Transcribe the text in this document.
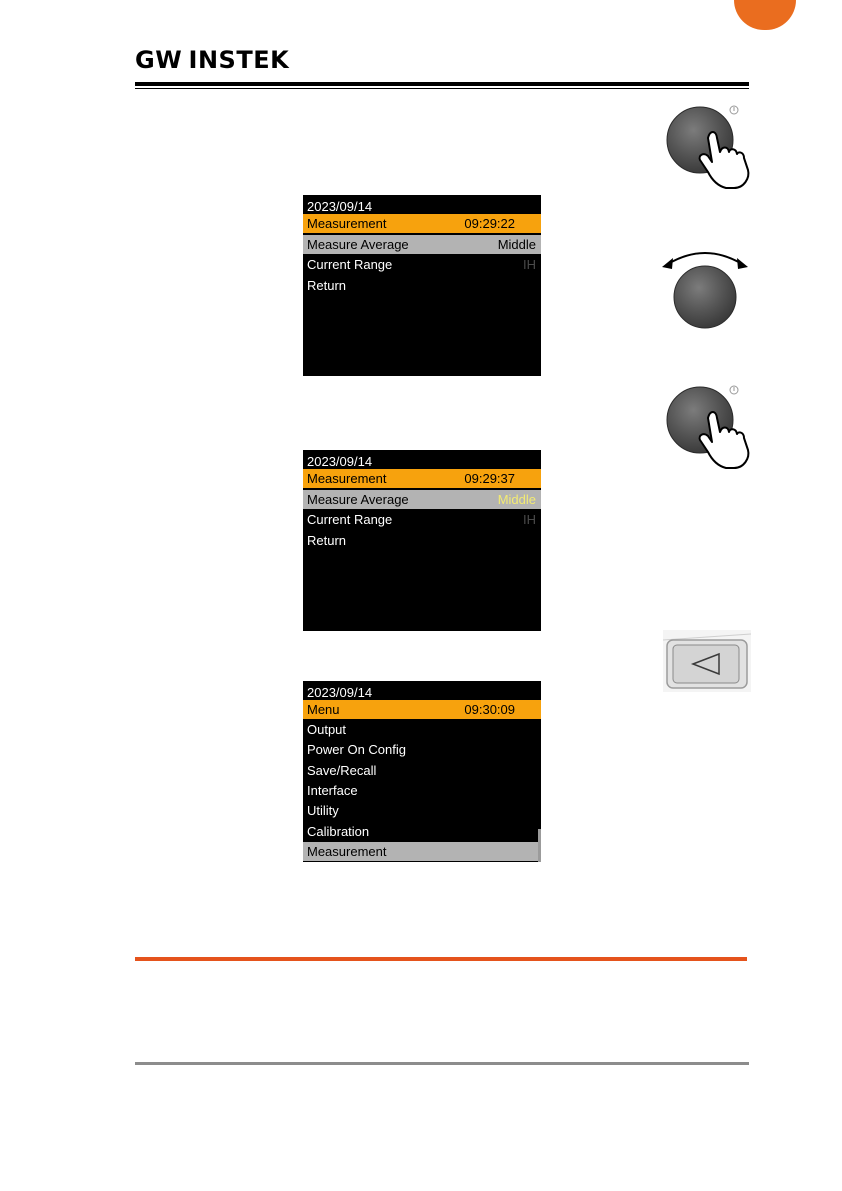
GW INSTEK
2023/09/14
Measurement	09:29:22
Measure Average	Middle
Current Range	IH
Return
2023/09/14
Measurement	09:29:37
Measure Average	Middle
Current Range	IH
Return
2023/09/14
Menu	09:30:09
Output
Power On Config
Save/Recall
Interface
Utility
Calibration
Measurement
